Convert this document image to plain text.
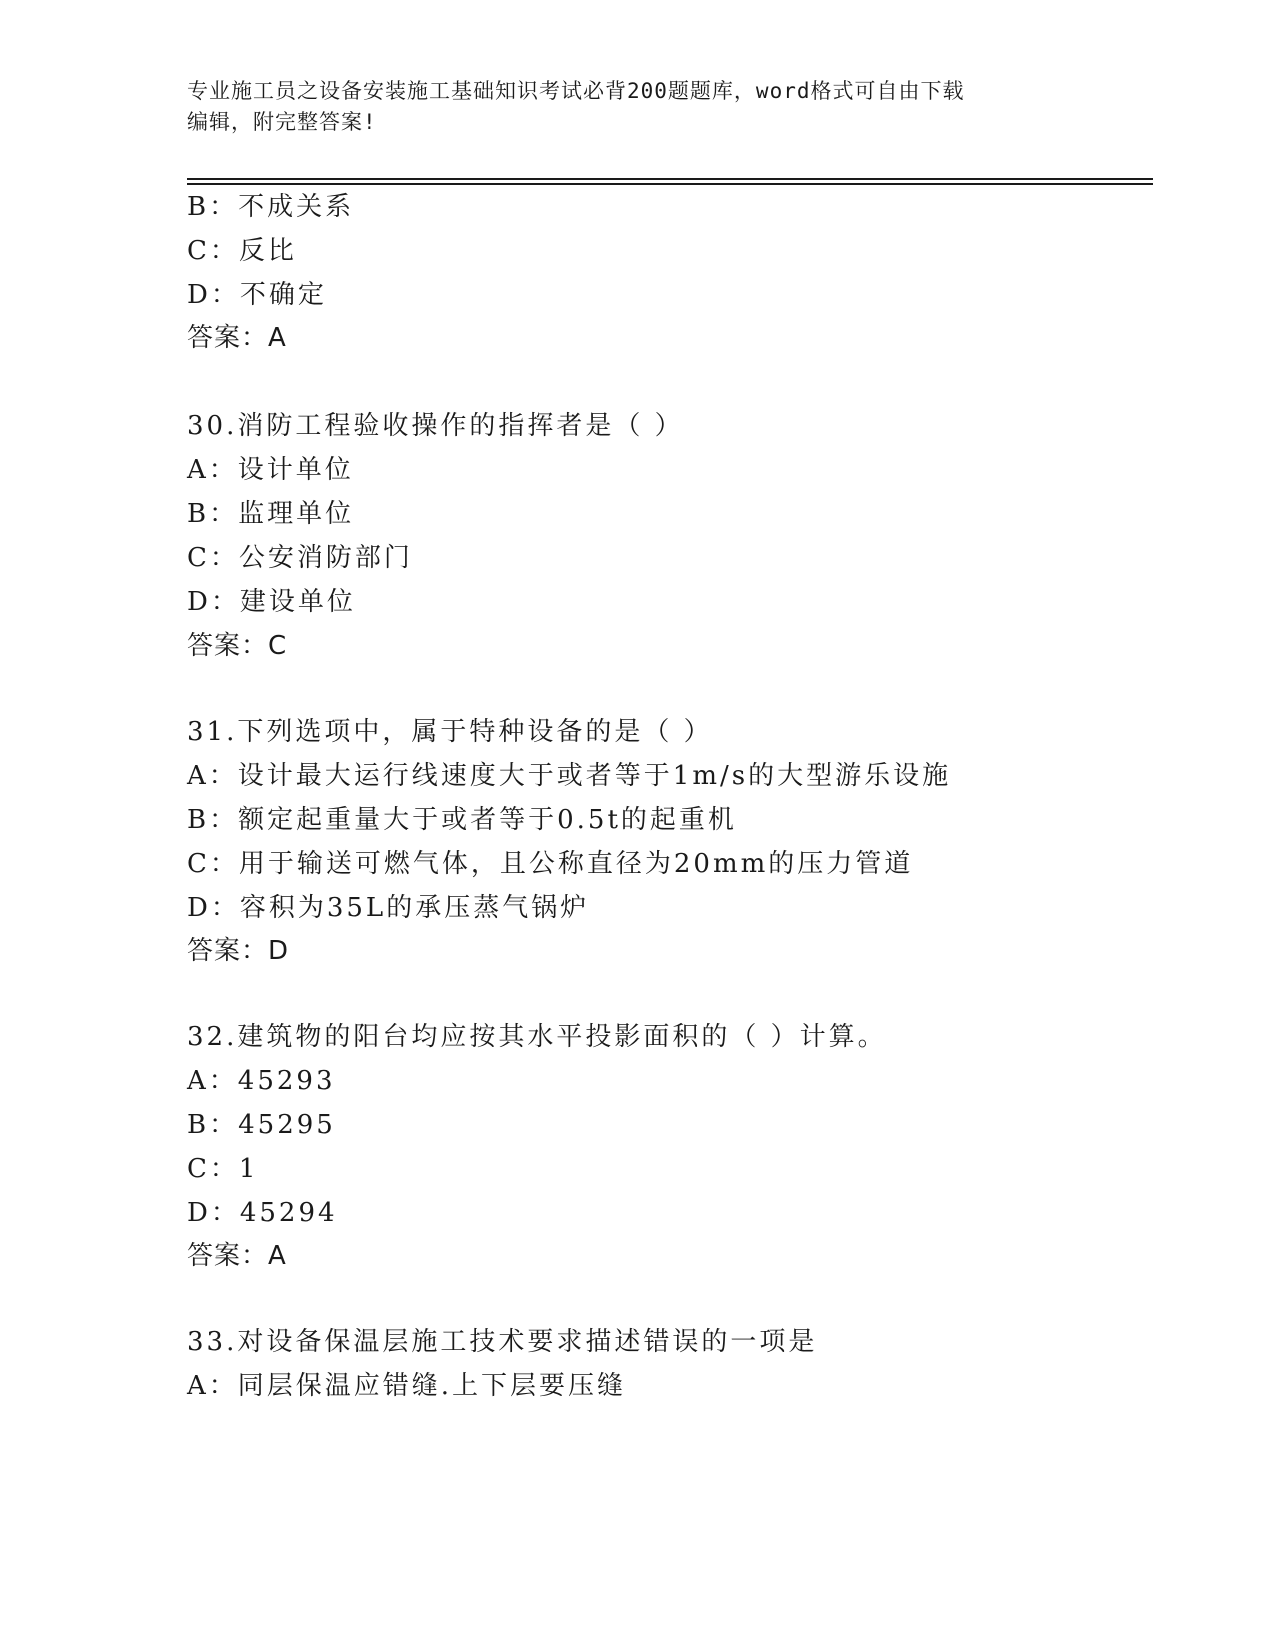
专业施工员之设备安装施工基础知识考试必背200题题库，word格式可自由下载
编辑，附完整答案!
B：不成关系
C：反比
D：不确定
答案：A
30.消防工程验收操作的指挥者是（ ）
A：设计单位
B：监理单位
C：公安消防部门
D：建设单位
答案：C
31.下列选项中，属于特种设备的是（ ）
A：设计最大运行线速度大于或者等于1m/s的大型游乐设施
B：额定起重量大于或者等于0.5t的起重机
C：用于输送可燃气体，且公称直径为20mm的压力管道
D：容积为35L的承压蒸气锅炉
答案：D
32.建筑物的阳台均应按其水平投影面积的（ ）计算。
A：45293
B：45295
C：1
D：45294
答案：A
33.对设备保温层施工技术要求描述错误的一项是
A：同层保温应错缝.上下层要压缝
